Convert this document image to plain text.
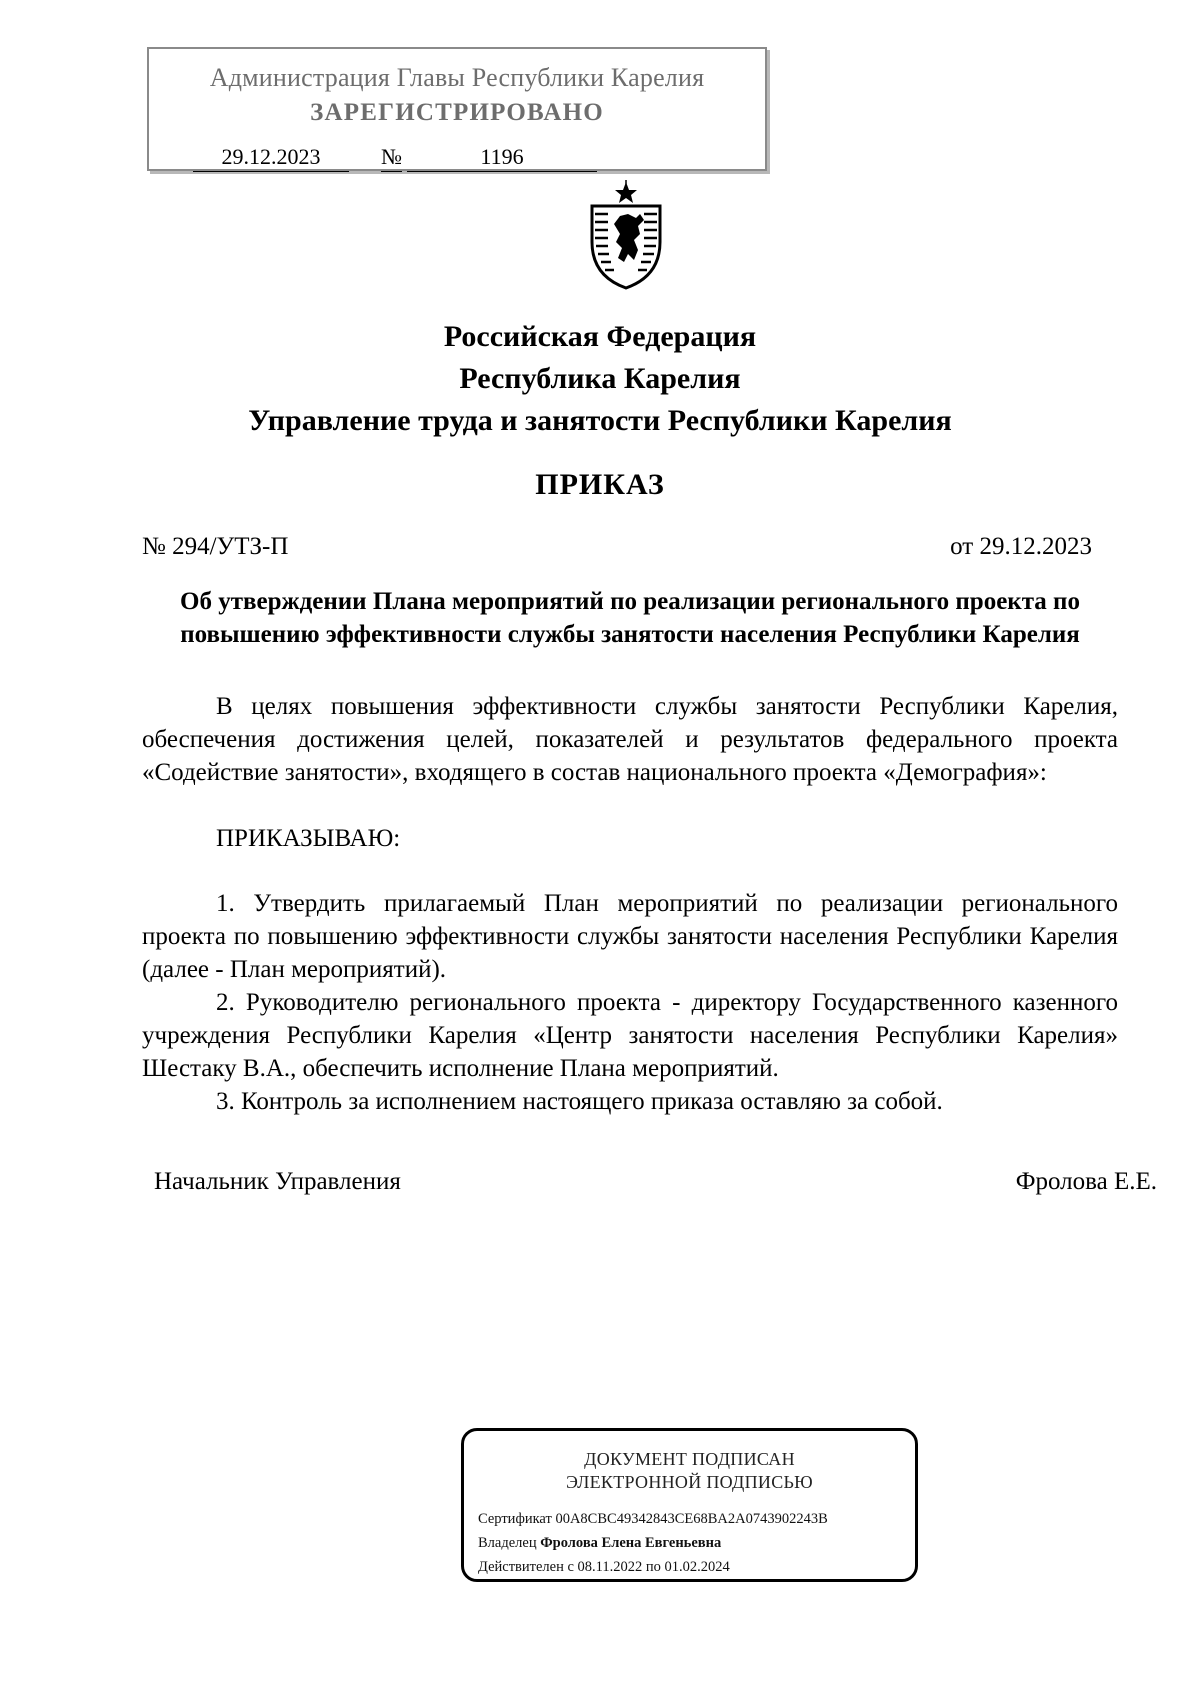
Администрация Главы Республики Карелия
ЗАРЕГИСТРИРОВАНО
29.12.2023	№	1196
Российская Федерация
Республика Карелия
Управление труда и занятости Республики Карелия
ПРИКАЗ
№ 294/УТЗ-П	от 29.12.2023
Об утверждении Плана мероприятий по реализации регионального проекта по повышению эффективности службы занятости населения Республики Карелия
В целях повышения эффективности службы занятости Республики Карелия, обеспечения достижения целей, показателей и результатов федерального проекта «Содействие занятости», входящего в состав национального проекта «Демография»:
ПРИКАЗЫВАЮ:
1. Утвердить прилагаемый План мероприятий по реализации регионального проекта по повышению эффективности службы занятости населения Республики Карелия (далее - План мероприятий).
2. Руководителю регионального проекта - директору Государственного казенного учреждения Республики Карелия «Центр занятости населения Республики Карелия» Шестаку В.А., обеспечить исполнение Плана мероприятий.
3. Контроль за исполнением настоящего приказа оставляю за собой.
Начальник Управления	Фролова Е.Е.
ДОКУМЕНТ ПОДПИСАН
ЭЛЕКТРОННОЙ ПОДПИСЬЮ
Сертификат 00A8CBC49342843CE68BA2A0743902243B
Владелец Фролова Елена Евгеньевна
Действителен с 08.11.2022 по 01.02.2024
